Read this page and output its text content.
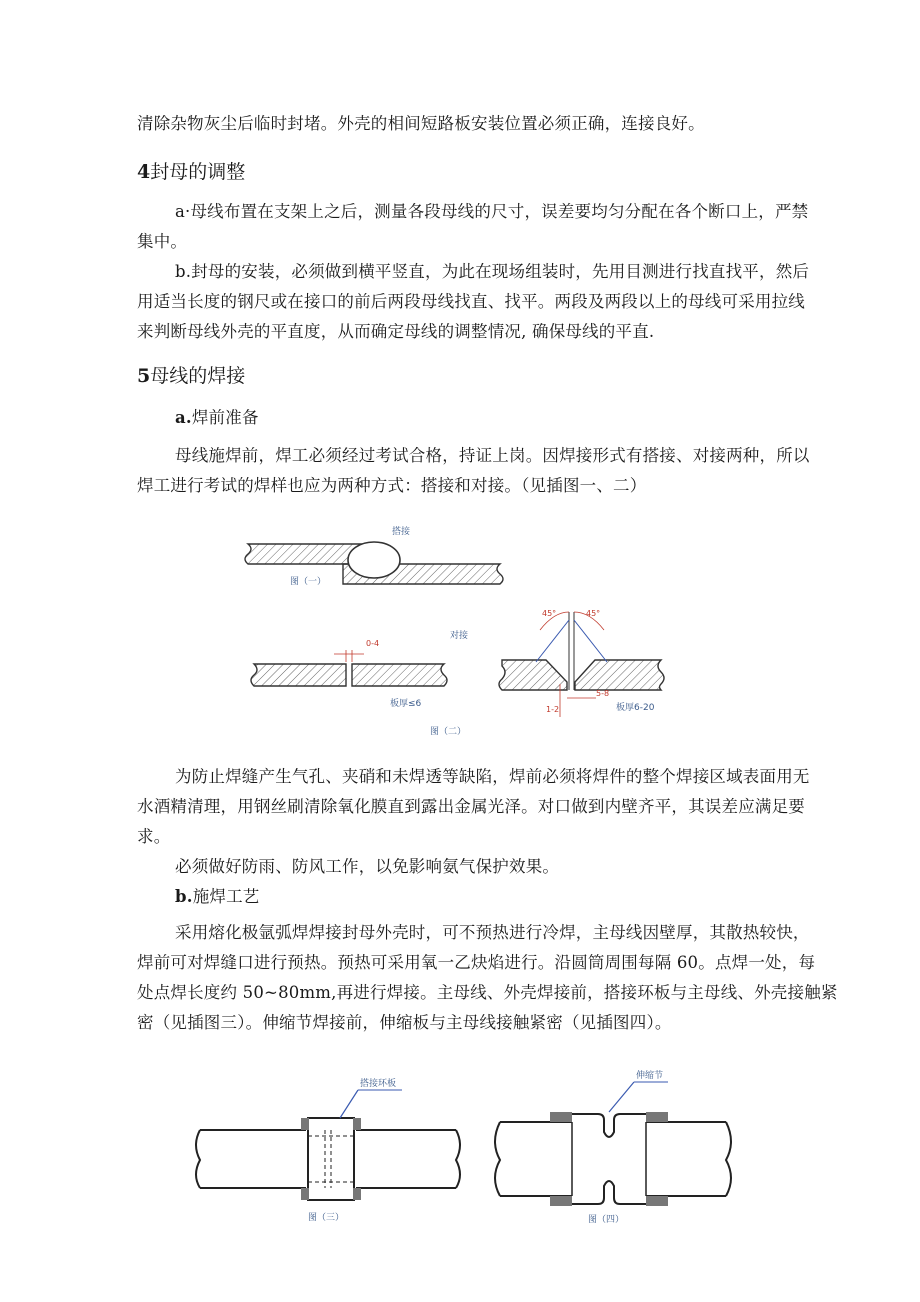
清除杂物灰尘后临时封堵。外壳的相间短路板安装位置必须正确，连接良好。
4封母的调整
a·母线布置在支架上之后，测量各段母线的尺寸，误差要均匀分配在各个断口上，严禁
集中。
b.封母的安装，必须做到横平竖直，为此在现场组装时，先用目测进行找直找平，然后
用适当长度的钢尺或在接口的前后两段母线找直、找平。两段及两段以上的母线可采用拉线
来判断母线外壳的平直度，从而确定母线的调整情况, 确保母线的平直.
5母线的焊接
a.焊前准备
母线施焊前，焊工必须经过考试合格，持证上岗。因焊接形式有搭接、对接两种，所以
焊工进行考试的焊样也应为两种方式：搭接和对接。（见插图一、二）
搭接
图（一）
0-4
对接
板厚≤6
45°	45°
5-8
1-2	板厚6-20
图（二）
为防止焊缝产生气孔、夹硝和未焊透等缺陷，焊前必须将焊件的整个焊接区域表面用无
水酒精清理，用钢丝刷清除氧化膜直到露出金属光泽。对口做到内壁齐平，其误差应满足要
求。
必须做好防雨、防风工作，以免影响氨气保护效果。
b.施焊工艺
采用熔化极氩弧焊焊接封母外壳时，可不预热进行冷焊，主母线因壁厚，其散热较快，
焊前可对焊缝口进行预热。预热可采用氧一乙炔焰进行。沿圆筒周围每隔 60。点焊一处，每
处点焊长度约 50~80mm,再进行焊接。主母线、外壳焊接前，搭接环板与主母线、外壳接触紧
密（见插图三）。伸缩节焊接前，伸缩板与主母线接触紧密（见插图四）。
搭接环板
图（三）
伸缩节
图（四）
